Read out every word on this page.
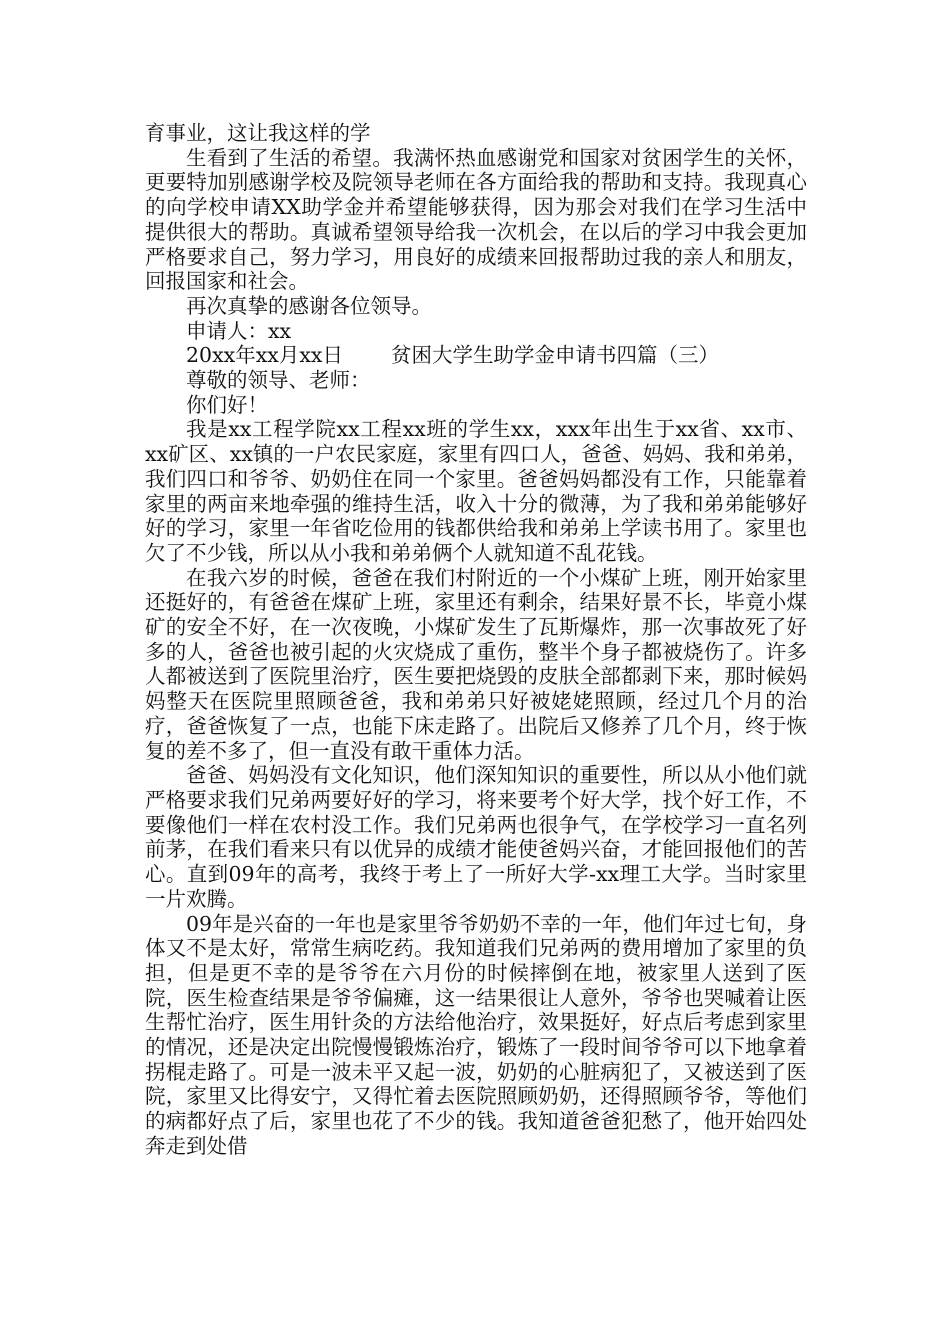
育事业，这让我这样的学

生看到了生活的希望。我满怀热血感谢党和国家对贫困学生的关怀，更要特加别感谢学校及院领导老师在各方面给我的帮助和支持。我现真心的向学校申请XX助学金并希望能够获得，因为那会对我们在学习生活中提供很大的帮助。真诚希望领导给我一次机会，在以后的学习中我会更加严格要求自己，努力学习，用良好的成绩来回报帮助过我的亲人和朋友，回报国家和社会。

再次真挚的感谢各位领导。

申请人：xx

20xx年xx月xx日 贫困大学生助学金申请书四篇（三）

尊敬的领导、老师：

你们好！

我是xx工程学院xx工程xx班的学生xx，xxx年出生于xx省、xx市、xx矿区、xx镇的一户农民家庭，家里有四口人，爸爸、妈妈、我和弟弟，我们四口和爷爷、奶奶住在同一个家里。爸爸妈妈都没有工作，只能靠着家里的两亩来地牵强的维持生活，收入十分的微薄，为了我和弟弟能够好好的学习，家里一年省吃俭用的钱都供给我和弟弟上学读书用了。家里也欠了不少钱，所以从小我和弟弟俩个人就知道不乱花钱。

在我六岁的时候，爸爸在我们村附近的一个小煤矿上班，刚开始家里还挺好的，有爸爸在煤矿上班，家里还有剩余，结果好景不长，毕竟小煤矿的安全不好，在一次夜晚，小煤矿发生了瓦斯爆炸，那一次事故死了好多的人，爸爸也被引起的火灾烧成了重伤，整半个身子都被烧伤了。许多人都被送到了医院里治疗，医生要把烧毁的皮肤全部都剥下来，那时候妈妈整天在医院里照顾爸爸，我和弟弟只好被姥姥照顾，经过几个月的治疗，爸爸恢复了一点，也能下床走路了。出院后又修养了几个月，终于恢复的差不多了，但一直没有敢干重体力活。

爸爸、妈妈没有文化知识，他们深知知识的重要性，所以从小他们就严格要求我们兄弟两要好好的学习，将来要考个好大学，找个好工作，不要像他们一样在农村没工作。我们兄弟两也很争气，在学校学习一直名列前茅，在我们看来只有以优异的成绩才能使爸妈兴奋，才能回报他们的苦心。直到09年的高考，我终于考上了一所好大学-xx理工大学。当时家里一片欢腾。

09年是兴奋的一年也是家里爷爷奶奶不幸的一年，他们年过七旬，身体又不是太好，常常生病吃药。我知道我们兄弟两的费用增加了家里的负担，但是更不幸的是爷爷在六月份的时候摔倒在地，被家里人送到了医院，医生检查结果是爷爷偏瘫，这一结果很让人意外，爷爷也哭喊着让医生帮忙治疗，医生用针灸的方法给他治疗，效果挺好，好点后考虑到家里的情况，还是决定出院慢慢锻炼治疗，锻炼了一段时间爷爷可以下地拿着拐棍走路了。可是一波未平又起一波，奶奶的心脏病犯了，又被送到了医院，家里又比得安宁，又得忙着去医院照顾奶奶，还得照顾爷爷，等他们的病都好点了后，家里也花了不少的钱。我知道爸爸犯愁了，他开始四处奔走到处借
